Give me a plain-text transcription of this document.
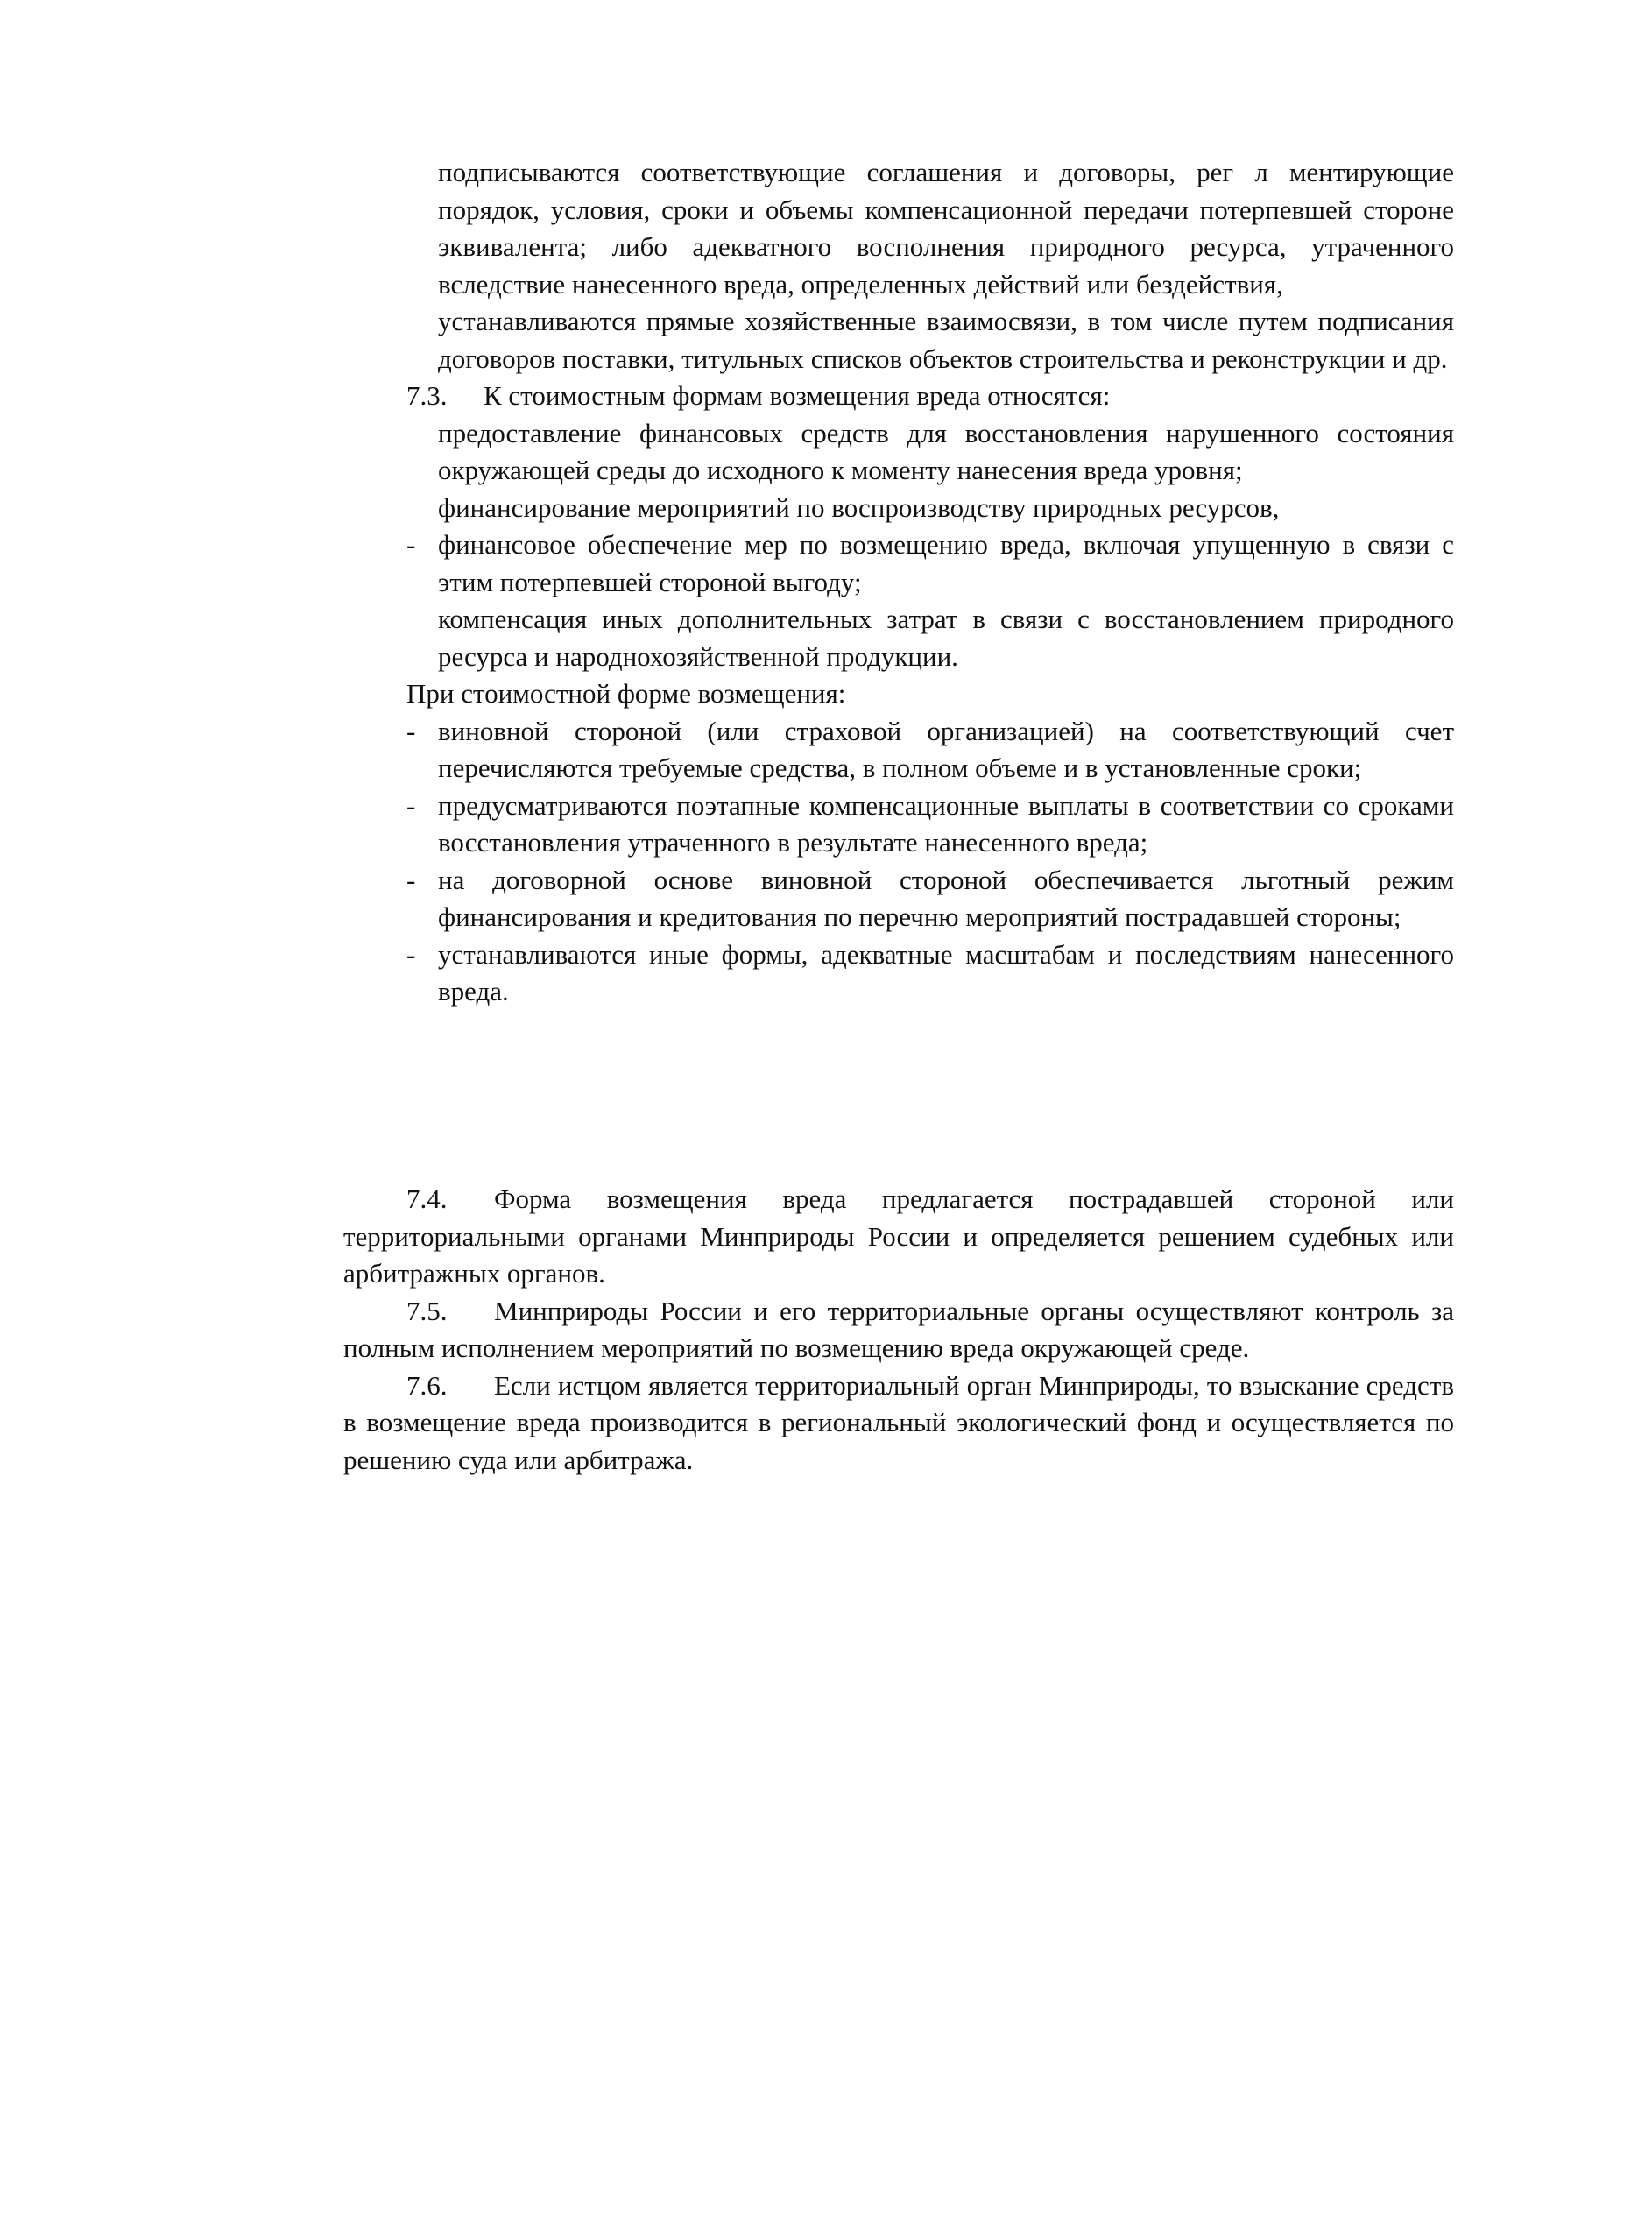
подписываются соответствующие соглашения и договоры, рег л ментирующие порядок, условия, сроки и объемы компенсационной передачи потерпевшей стороне эквивалента; либо адекватного восполнения природного ресурса, утраченного вследствие нанесенного вреда, определенных действий или бездействия,

устанавливаются прямые хозяйственные взаимосвязи, в том числе путем подписания договоров поставки, титульных списков объектов строительства и реконструкции и др.

7.3. К стоимостным формам возмещения вреда относятся:

предоставление финансовых средств для восстановления нарушенного состояния окружающей среды до исходного к моменту нанесения вреда уровня;

финансирование мероприятий по воспроизводству природных ресурсов,

- финансовое обеспечение мер по возмещению вреда, включая упущенную в связи с этим потерпевшей стороной выгоду;

компенсация иных дополнительных затрат в связи с восстановлением природного ресурса и народнохозяйственной продукции.

При стоимостной форме возмещения:

- виновной стороной (или страховой организацией) на соответствующий счет перечисляются требуемые средства, в полном объеме и в установленные сроки;

- предусматриваются поэтапные компенсационные выплаты в соответствии со сроками восстановления утраченного в результате нанесенного вреда;

- на договорной основе виновной стороной обеспечивается льготный режим финансирования и кредитования по перечню мероприятий пострадавшей стороны;

- устанавливаются иные формы, адекватные масштабам и последствиям нанесенного вреда.

7.4. Форма возмещения вреда предлагается пострадавшей стороной или территориальными органами Минприроды России и определяется решением судебных или арбитражных органов.

7.5. Минприроды России и его территориальные органы осуществляют контроль за полным исполнением мероприятий по возмещению вреда окружающей среде.

7.6. Если истцом является территориальный орган Минприроды, то взыскание средств в возмещение вреда производится в региональный экологический фонд и осуществляется по решению суда или арбитража.
